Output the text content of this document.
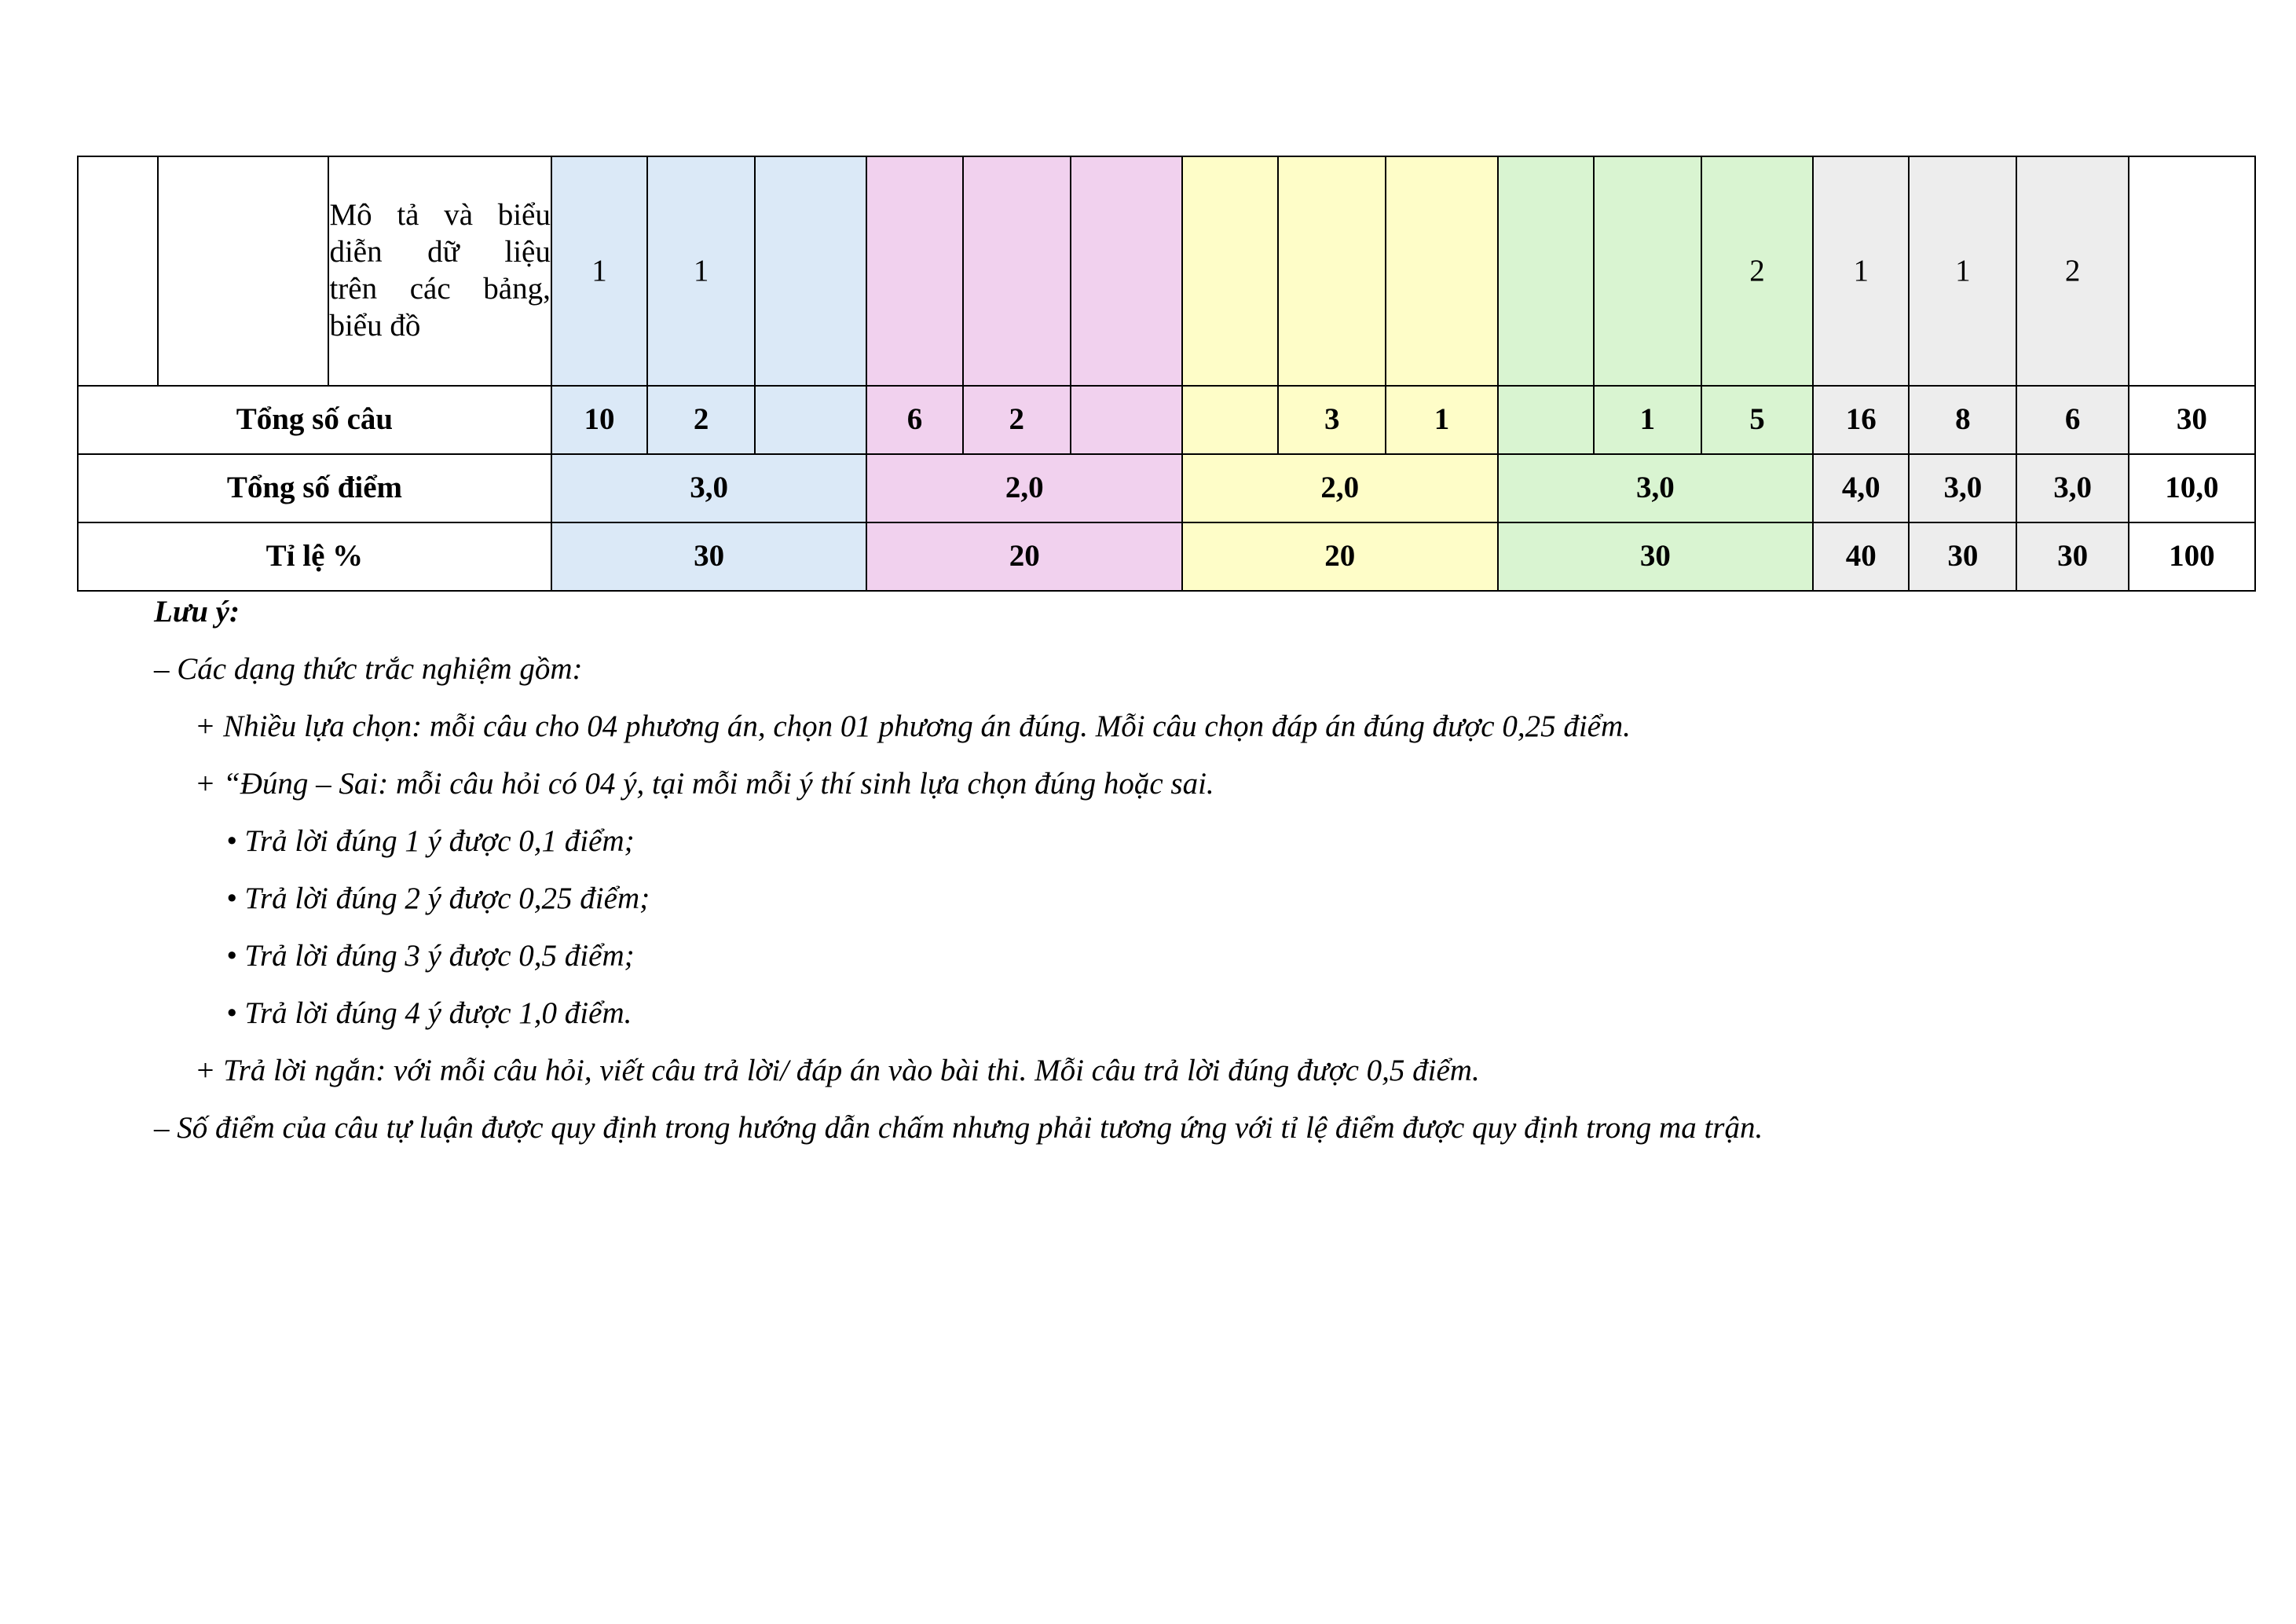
		Mô tả và biểu
diễn dữ liệu
trên các bảng,
biểu đồ	1	1										2	1	1	2	
Tổng số câu			10	2		6	2			3	1		1	5	16	8	6	30
Tổng số điểm			3,0			2,0			2,0			3,0			4,0	3,0	3,0	10,0
Tỉ lệ %			30			20			20			30			40	30	30	100
Lưu ý:
– Các dạng thức trắc nghiệm gồm:
+ Nhiều lựa chọn: mỗi câu cho 04 phương án, chọn 01 phương án đúng. Mỗi câu chọn đáp án đúng được 0,25 điểm.
+ “Đúng – Sai: mỗi câu hỏi có 04 ý, tại mỗi mỗi ý thí sinh lựa chọn đúng hoặc sai.
• Trả lời đúng 1 ý được 0,1 điểm;
• Trả lời đúng 2 ý được 0,25 điểm;
• Trả lời đúng 3 ý được 0,5 điểm;
• Trả lời đúng 4 ý được 1,0 điểm.
+ Trả lời ngắn: với mỗi câu hỏi, viết câu trả lời/ đáp án vào bài thi. Mỗi câu trả lời đúng được 0,5 điểm.
– Số điểm của câu tự luận được quy định trong hướng dẫn chấm nhưng phải tương ứng với tỉ lệ điểm được quy định trong ma trận.
